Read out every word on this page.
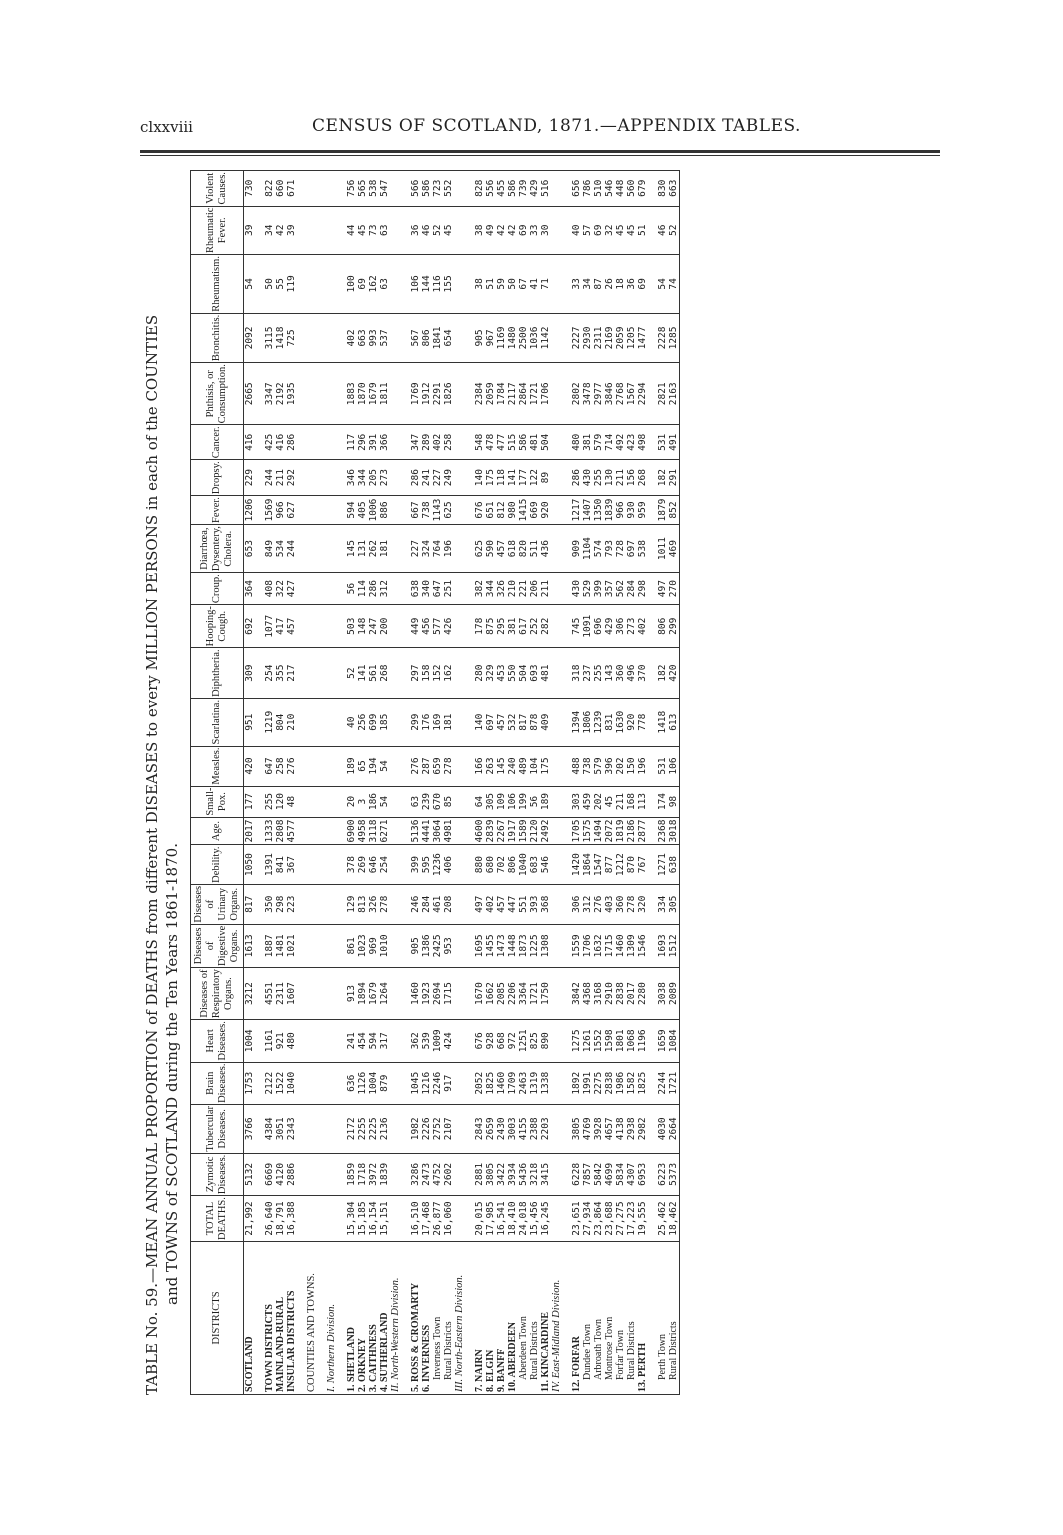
clxxviii	CENSUS OF SCOTLAND, 1871.—APPENDIX TABLES.
TABLE No. 59.—MEAN ANNUAL PROPORTION of DEATHS from different DISEASES to every MILLION PERSONS in each of the COUNTIES and TOWNS of SCOTLAND during the Ten Years 1861-1870.
DISTRICTS	TOTAL DEATHS.	Zymotic Diseases.	Tubercular Diseases.	Brain Diseases.	Heart Diseases.	Diseases of Respiratory Organs.	Diseases of Digestive Organs.	Diseases of Urinary Organs.	Debility.	Age.	Small-Pox.	Measles.	Scarlatina.	Diphtheria.	Hooping-Cough.	Croup.	Diarrhœa, Dysentery, Cholera.	Fever.	Dropsy.	Cancer.	Phthisis, or Consumption.	Bronchitis.	Rheumatism.	Rheumatic Fever.	Violent Causes.
SCOTLAND	21,992	5132	3766	1753	1004	3212	1613	817	1050	2017	177	420	951	309	692	364	653	1206	229	416	2665	2092	54	39	730

TOWN DISTRICTS	26,640	6669	4384	2122	1161	4551	1887	350	1391	1333	255	647	1219	254	1077	408	849	1569	244	425	3347	3115	50	34	822
MAINLAND-RURAL	18,791	4120	3051	1522	921	2311	1481	298	841	2808	120	258	804	355	417	322	534	966	211	416	2192	1418	55	42	660
INSULAR DISTRICTS	16,388	2886	2343	1040	480	1607	1021	223	367	4577	48	276	210	217	457	427	244	627	292	286	1935	725	119	39	671

COUNTIES AND TOWNS.																									

I. Northern Division.																									

1. SHETLAND	15,304	1859	2172	636	241	913	861	129	378	6900	20	189	40	52	503	56	145	594	346	117	1883	402	100	44	756
2. ORKNEY	15,185	1718	2255	1126	454	1894	1023	813	269	4958	3	65	256	141	148	114	131	405	344	296	1870	663	69	45	565
3. CAITHNESS	16,154	3972	2225	1004	594	1679	969	326	646	3118	186	194	699	561	247	286	262	1006	205	391	1679	993	162	73	538
4. SUTHERLAND	15,151	1839	2136	879	317	1264	1010	278	254	6271	54	54	185	268	200	312	181	886	273	366	1811	537	63	63	547
II. North-Western Division.																									

5. ROSS & CROMARTY	16,510	3286	1982	1045	362	1460	905	246	399	5136	63	276	299	297	449	638	227	667	286	347	1769	567	106	36	566
6. INVERNESS	17,468	2473	2226	1216	539	1923	1386	284	595	4441	239	287	176	158	456	340	324	738	241	289	1912	806	144	46	586
Inverness Town	26,877	4752	2752	2246	1009	2694	2425	461	1236	3064	670	659	169	152	577	647	764	1143	227	402	2291	1841	116	52	723
Rural Districts	16,060	2602	2107	917	424	1715	953	208	406	4981	85	278	181	162	426	251	196	625	249	258	1826	654	155	45	552
III. North-Eastern Division.																									

7. NAIRN	20,015	2881	2843	2052	676	1670	1695	497	880	4600	64	166	140	280	178	382	625	676	140	548	2384	905	38	38	828
8. ELGIN	17,985	3805	2659	1825	928	1662	1455	402	680	2839	305	263	697	329	875	344	590	651	175	478	2059	967	51	49	556
9. BANFF	16,541	3422	2430	1460	668	2085	1473	457	702	2267	109	145	457	453	295	326	457	812	118	477	1784	1169	59	42	455
10. ABERDEEN	18,410	3934	3003	1709	972	2206	1448	447	806	1917	106	240	532	550	381	210	618	980	141	515	2117	1480	50	42	586
Aberdeen Town	24,018	5436	4155	2463	1251	3364	1873	551	1040	1589	199	489	817	504	617	221	820	1415	177	586	2864	2500	67	69	739
Rural Districts	15,456	3218	2388	1319	825	1721	1225	393	683	2120	56	104	878	693	252	206	511	669	122	481	1721	1036	41	33	429
11. KINCARDINE	16,245	3415	2203	1338	890	1750	1308	368	546	2492	189	175	409	481	282	211	436	920	89	504	1706	1142	71	30	516
IV. East-Midland Division.																									

12. FORFAR	23,651	6228	3805	1892	1275	3842	1559	306	1420	1705	303	488	1394	318	745	430	909	1217	286	480	2802	2227	33	40	656
Dundee Town	27,934	7857	4769	1991	1261	4368	1706	312	1864	1575	459	738	1806	237	1091	529	1104	1407	430	381	3478	2930	34	57	786
Arbroath Town	23,864	5842	3928	2275	1552	3168	1632	276	1547	1494	202	579	1239	255	696	399	574	1350	255	579	2977	2311	87	69	510
Montrose Town	23,688	4699	4657	2838	1598	2910	1715	403	877	2072	45	396	831	143	429	357	793	1839	130	714	3846	2169	26	32	546
Forfar Town	27,275	5834	4138	1986	1801	2838	1460	360	1212	1819	211	202	1630	360	306	562	728	966	211	492	2768	2059	18	45	448
Rural Districts	17,223	4307	2938	1582	1068	2017	1309	278	870	2186	168	150	920	496	273	284	697	930	156	423	1567	1205	36	45	560
13. PERTH	19,555	6953	2982	1825	1196	2280	1546	320	767	2877	113	196	778	370	402	298	538	959	268	498	2294	1477	69	51	679

Perth Town	25,462	6223	4030	2244	1659	3038	1693	334	1271	2368	174	531	1418	182	806	497	1011	1879	182	531	2821	2228	54	46	830
Rural Districts	18,462	5373	2664	1721	1084	2089	1512	305	638	3018	98	106	613	420	299	270	469	852	291	491	2163	1285	74	52	663
